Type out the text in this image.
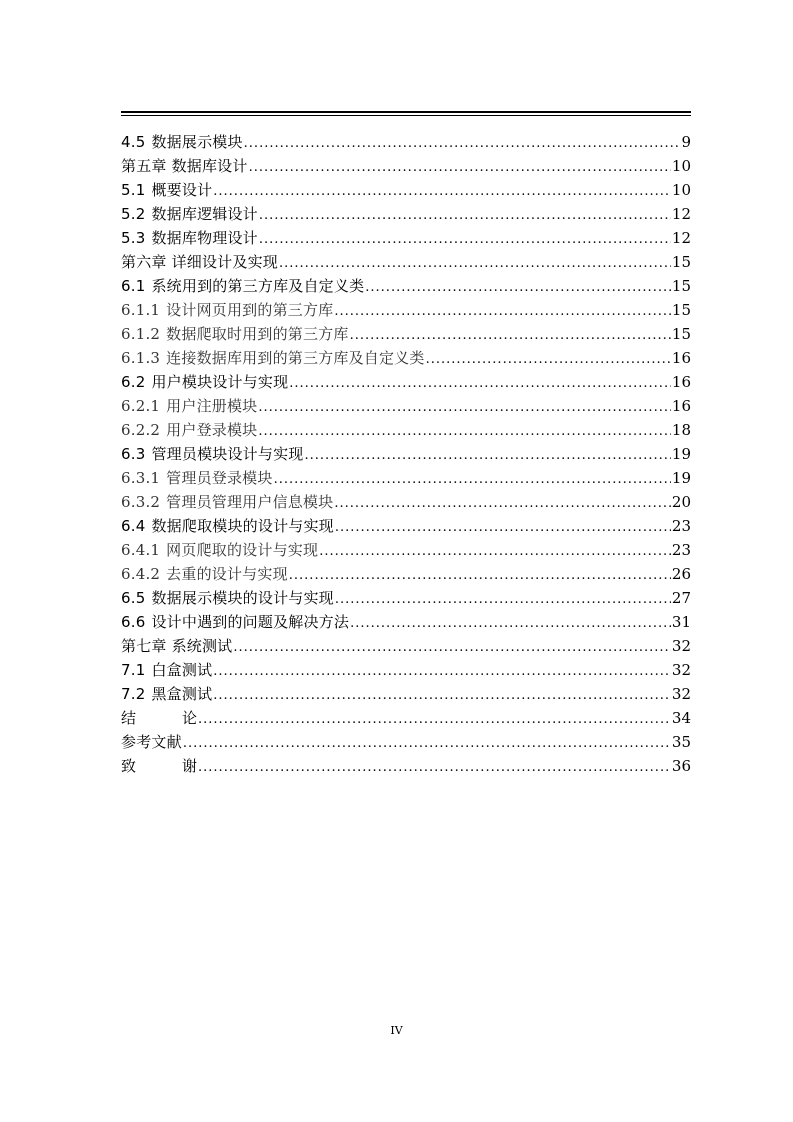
4.5 数据展示模块 .....	9
第五章 数据库设计 .....	10
5.1 概要设计 .....	10
5.2 数据库逻辑设计 .....	12
5.3 数据库物理设计 .....	12
第六章 详细设计及实现 .....	15
6.1 系统用到的第三方库及自定义类 .....	15
6.1.1 设计网页用到的第三方库 .....	15
6.1.2 数据爬取时用到的第三方库 .....	15
6.1.3 连接数据库用到的第三方库及自定义类 .....	16
6.2 用户模块设计与实现 .....	16
6.2.1 用户注册模块 .....	16
6.2.2 用户登录模块 .....	18
6.3 管理员模块设计与实现 .....	19
6.3.1 管理员登录模块 .....	19
6.3.2 管理员管理用户信息模块 .....	20
6.4 数据爬取模块的设计与实现 .....	23
6.4.1 网页爬取的设计与实现 .....	23
6.4.2 去重的设计与实现 .....	26
6.5 数据展示模块的设计与实现 .....	27
6.6 设计中遇到的问题及解决方法 .....	31
第七章 系统测试 .....	32
7.1 白盒测试 .....	32
7.2 黑盒测试 .....	32
结	论 .....	34
参考文献 .....	35
致	谢 .....	36
IV
